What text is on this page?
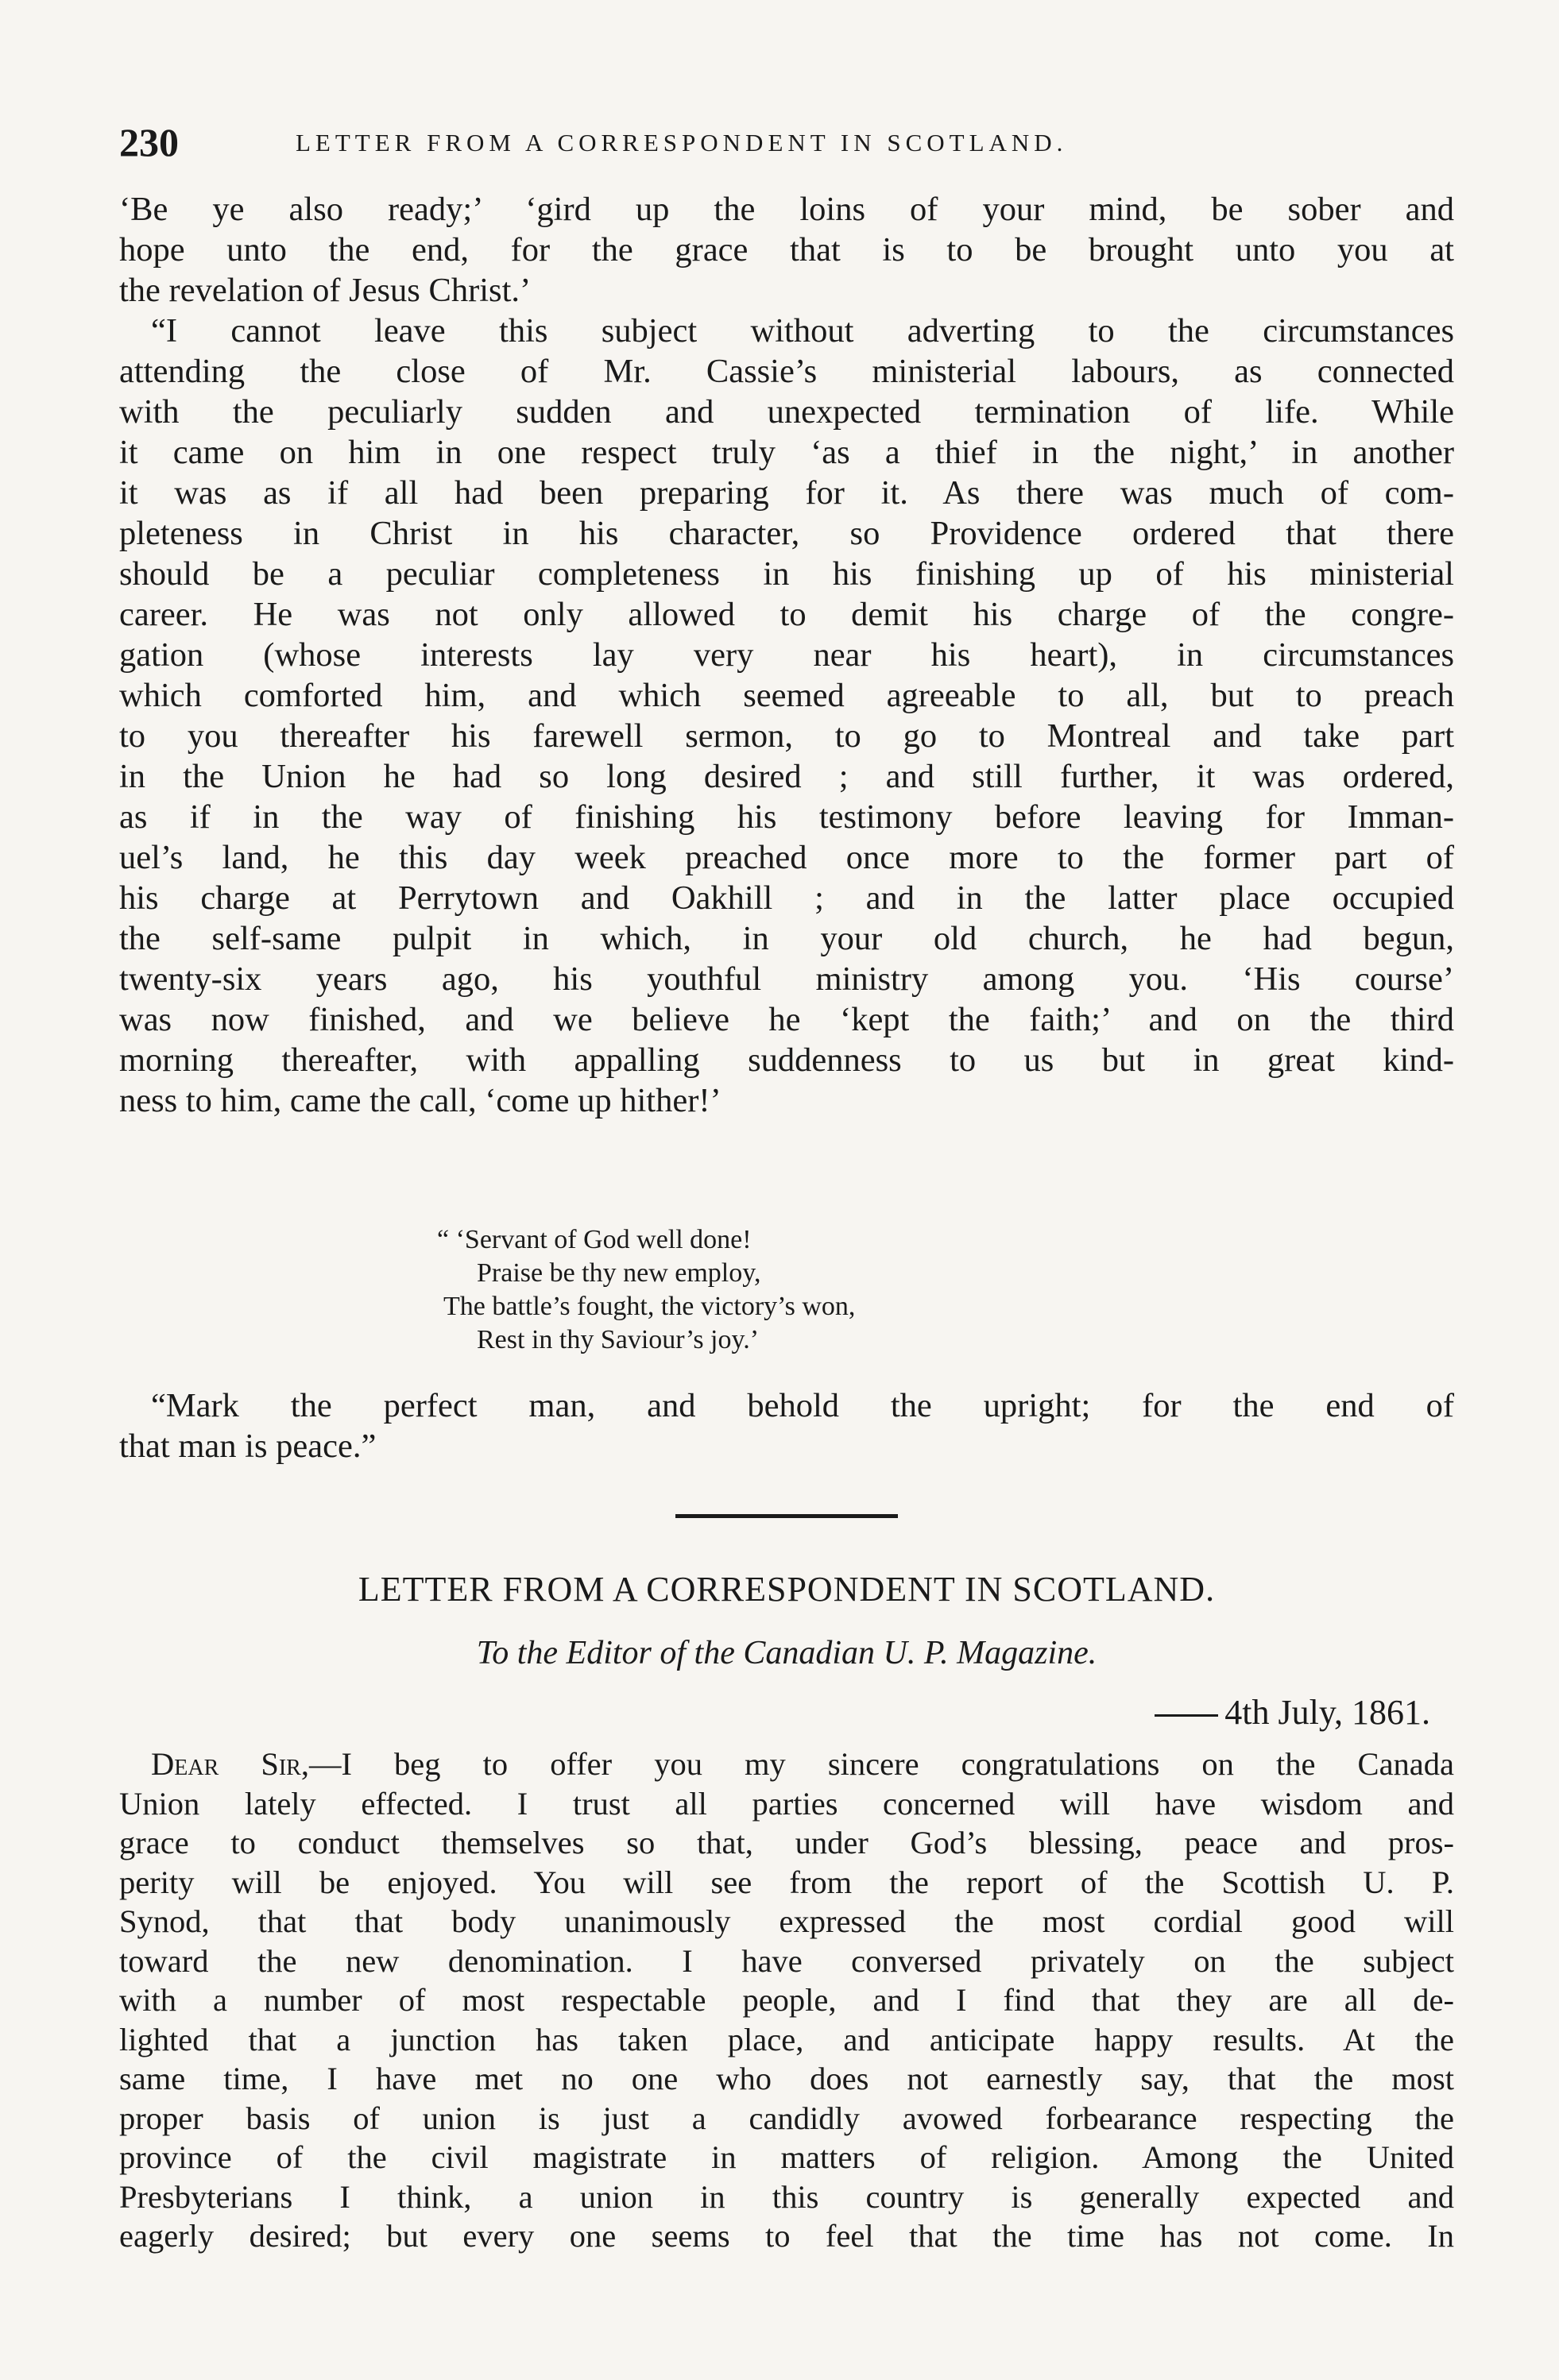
230	LETTER FROM A CORRESPONDENT IN SCOTLAND.
‘Be ye also ready;’ ‘gird up the loins of your mind, be sober and
hope unto the end, for the grace that is to be brought unto you at
the revelation of Jesus Christ.’
“I cannot leave this subject without adverting to the circumstances
attending the close of Mr. Cassie’s ministerial labours, as connected
with the peculiarly sudden and unexpected termination of life. While
it came on him in one respect truly ‘as a thief in the night,’ in another
it was as if all had been preparing for it. As there was much of com-
pleteness in Christ in his character, so Providence ordered that there
should be a peculiar completeness in his finishing up of his ministerial
career. He was not only allowed to demit his charge of the congre-
gation (whose interests lay very near his heart), in circumstances
which comforted him, and which seemed agreeable to all, but to preach
to you thereafter his farewell sermon, to go to Montreal and take part
in the Union he had so long desired ; and still further, it was ordered,
as if in the way of finishing his testimony before leaving for Imman-
uel’s land, he this day week preached once more to the former part of
his charge at Perrytown and Oakhill ; and in the latter place occupied
the self-same pulpit in which, in your old church, he had begun,
twenty-six years ago, his youthful ministry among you. ‘His course’
was now finished, and we believe he ‘kept the faith;’ and on the third
morning thereafter, with appalling suddenness to us but in great kind-
ness to him, came the call, ‘come up hither!’
“ ‘Servant of God well done!
Praise be thy new employ,
The battle’s fought, the victory’s won,
Rest in thy Saviour’s joy.’
“Mark the perfect man, and behold the upright; for the end of
that man is peace.”
LETTER FROM A CORRESPONDENT IN SCOTLAND.
To the Editor of the Canadian U. P. Magazine.
4th July, 1861.
Dear Sir,—I beg to offer you my sincere congratulations on the Canada
Union lately effected. I trust all parties concerned will have wisdom and
grace to conduct themselves so that, under God’s blessing, peace and pros-
perity will be enjoyed. You will see from the report of the Scottish U. P.
Synod, that that body unanimously expressed the most cordial good will
toward the new denomination. I have conversed privately on the subject
with a number of most respectable people, and I find that they are all de-
lighted that a junction has taken place, and anticipate happy results. At the
same time, I have met no one who does not earnestly say, that the most
proper basis of union is just a candidly avowed forbearance respecting the
province of the civil magistrate in matters of religion. Among the United
Presbyterians I think, a union in this country is generally expected and
eagerly desired; but every one seems to feel that the time has not come. In
